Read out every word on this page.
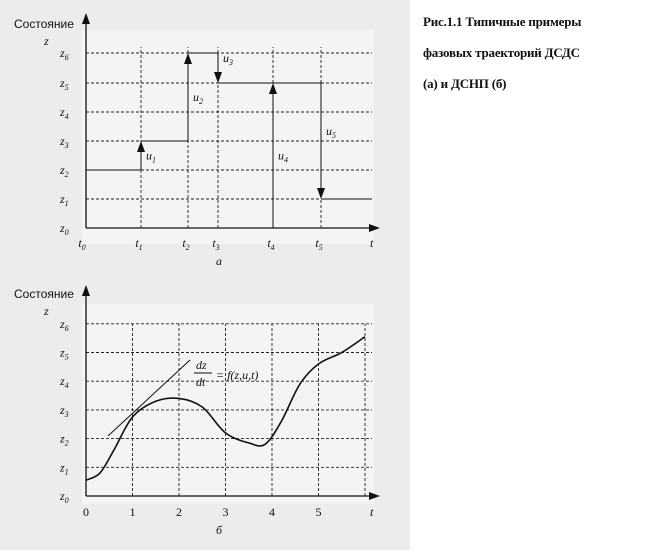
Состояние
z
t
$u_1$
$u_2$
$u_3$
$u_4$
$u_5$
$z_0$
$z_1$
$z_2$
$z_3$
$z_4$
$z_5$
$z_6$
$t_0$	$t_1$	$t_2$ $t_3$	$t_4$	$t_5$
а
Состояние
z
t
$z_0$
$z_1$
$z_2$
$z_3$
$z_4$
$z_5$
$z_6$
0	1	2	3	4	5
dz
dt = f(z,u,t)
б
Рис.1.1 Типичные примеры
фазовых траекторий ДСДС
(а) и ДСНП (б)
